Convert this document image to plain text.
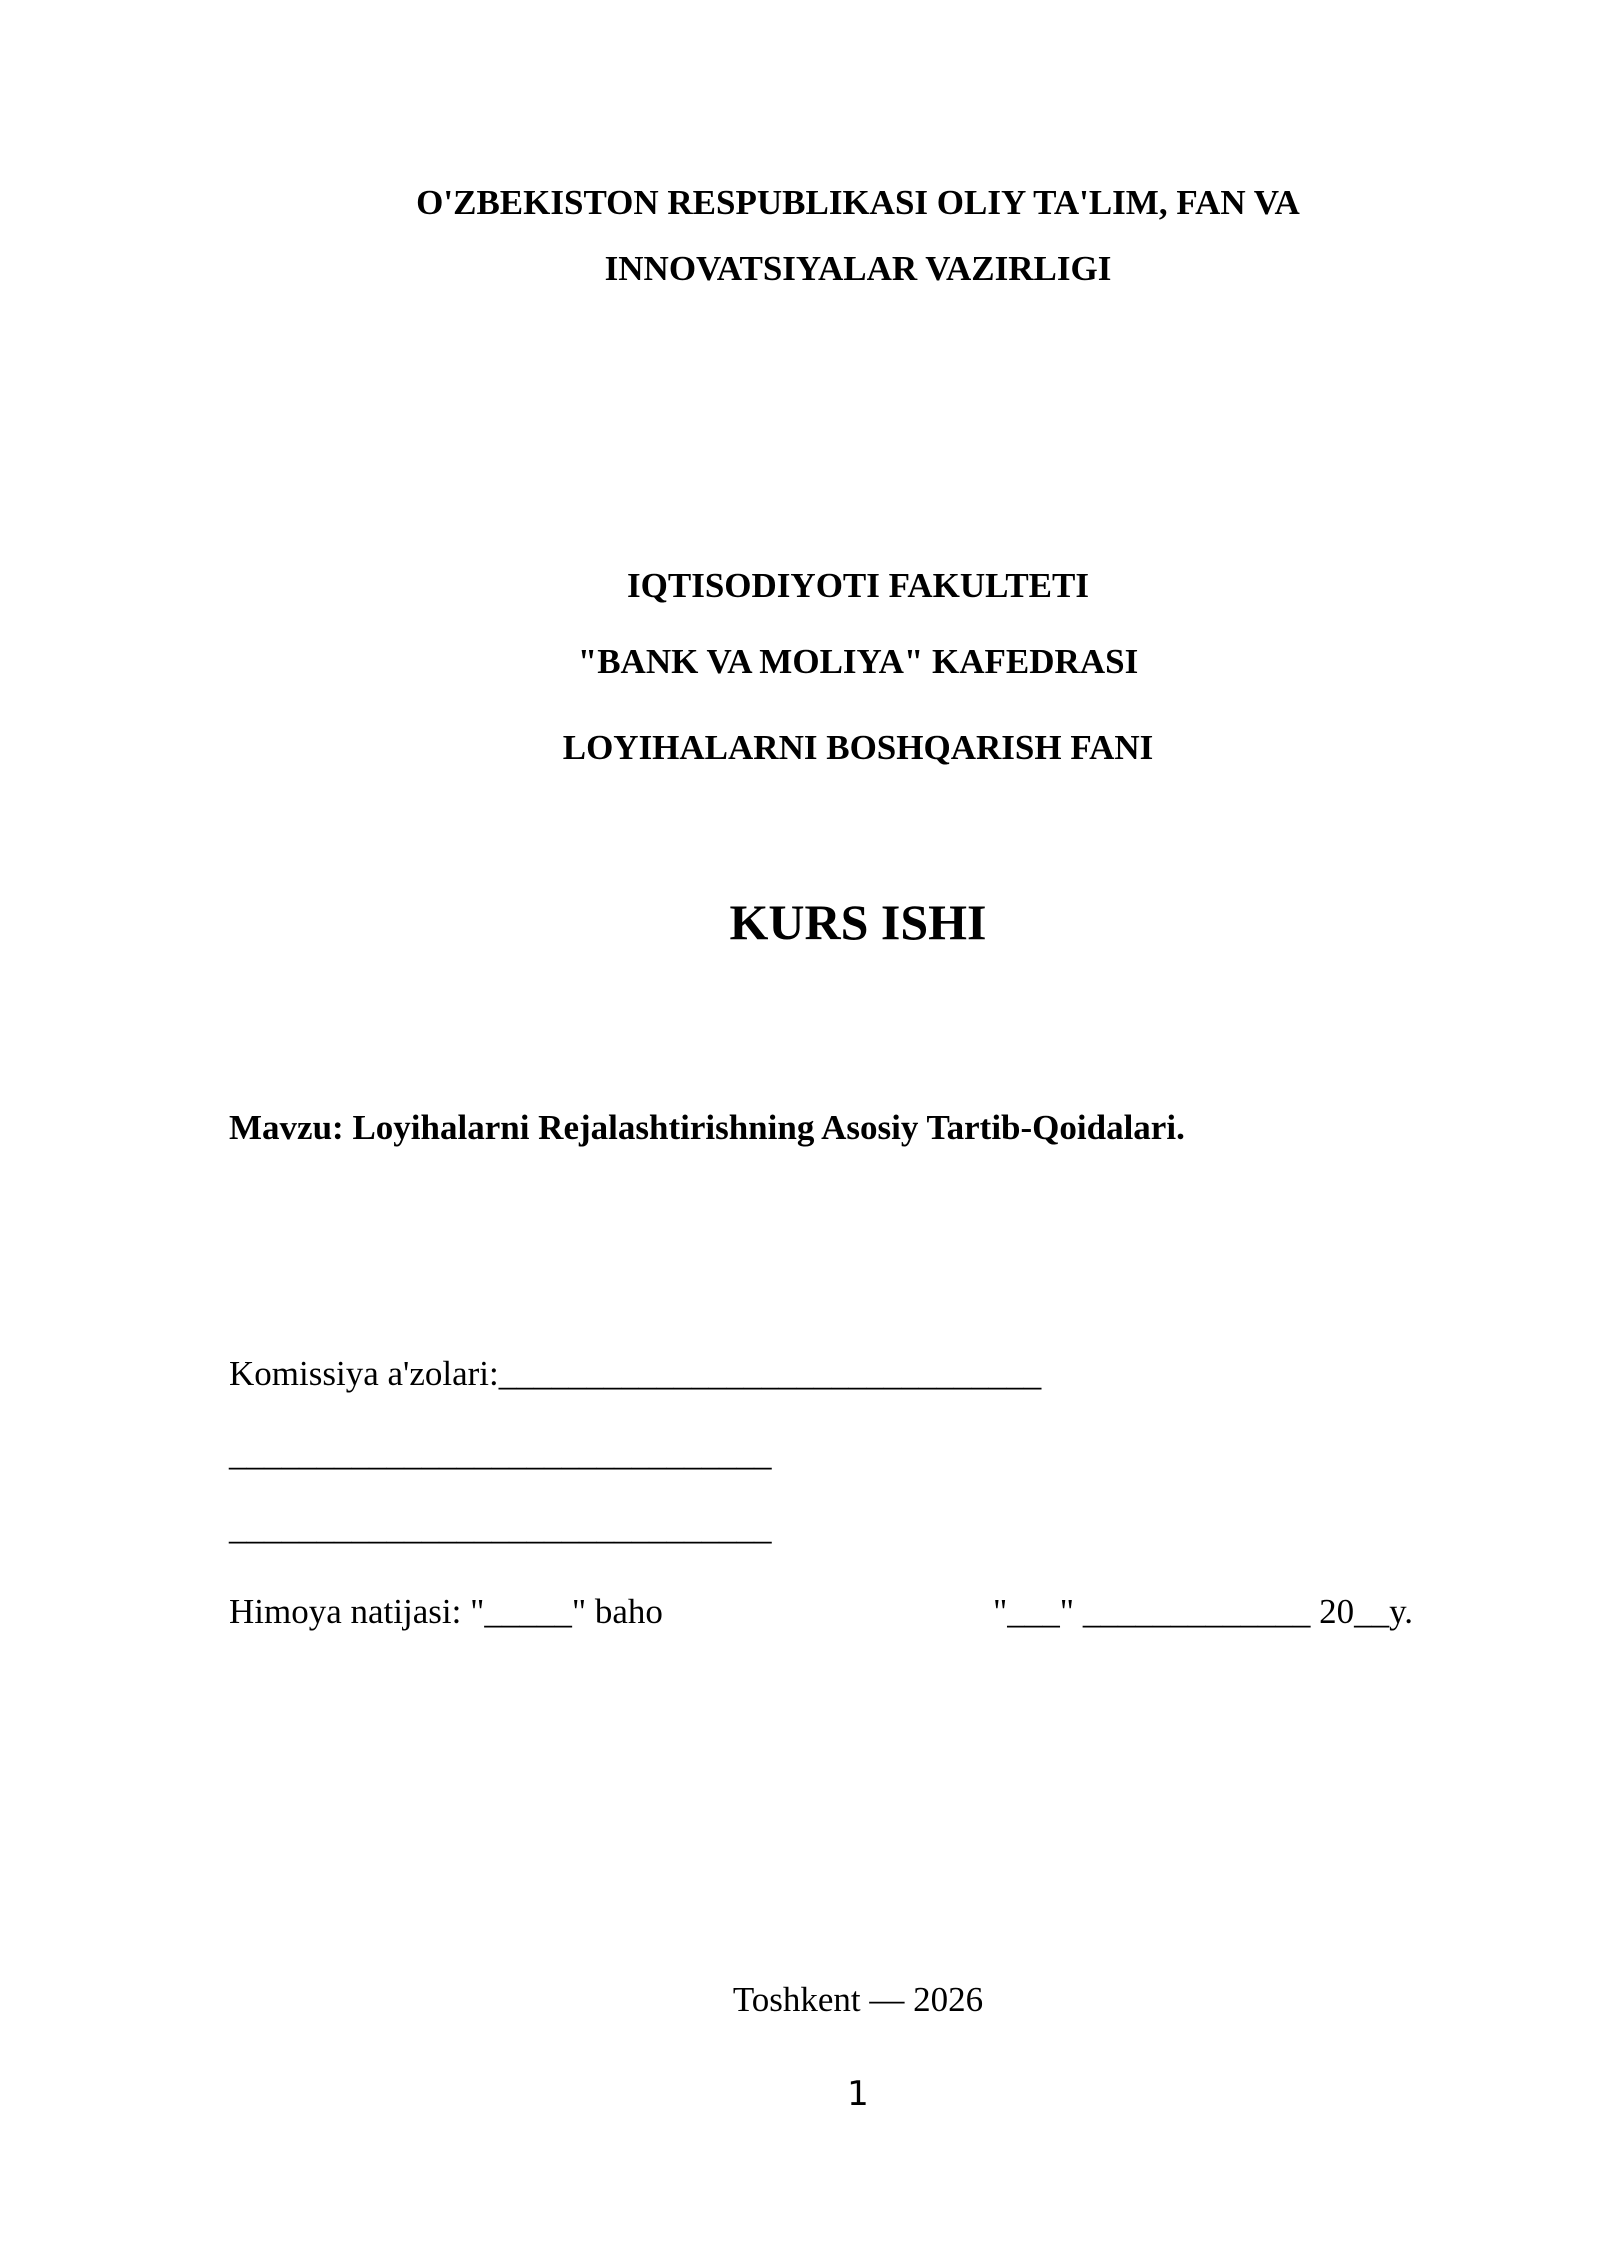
O'ZBEKISTON RESPUBLIKASI OLIY TA'LIM, FAN VA
INNOVATSIYALAR VAZIRLIGI
IQTISODIYOTI FAKULTETI
"BANK VA MOLIYA" KAFEDRASI
LOYIHALARNI BOSHQARISH FANI
KURS ISHI
Mavzu: Loyihalarni Rejalashtirishning Asosiy Tartib-Qoidalari.
Komissiya a'zolari:_______________________________
_______________________________
_______________________________
Himoya natijasi: "_____" baho	"___" _____________ 20__y.
Toshkent — 2026
1
